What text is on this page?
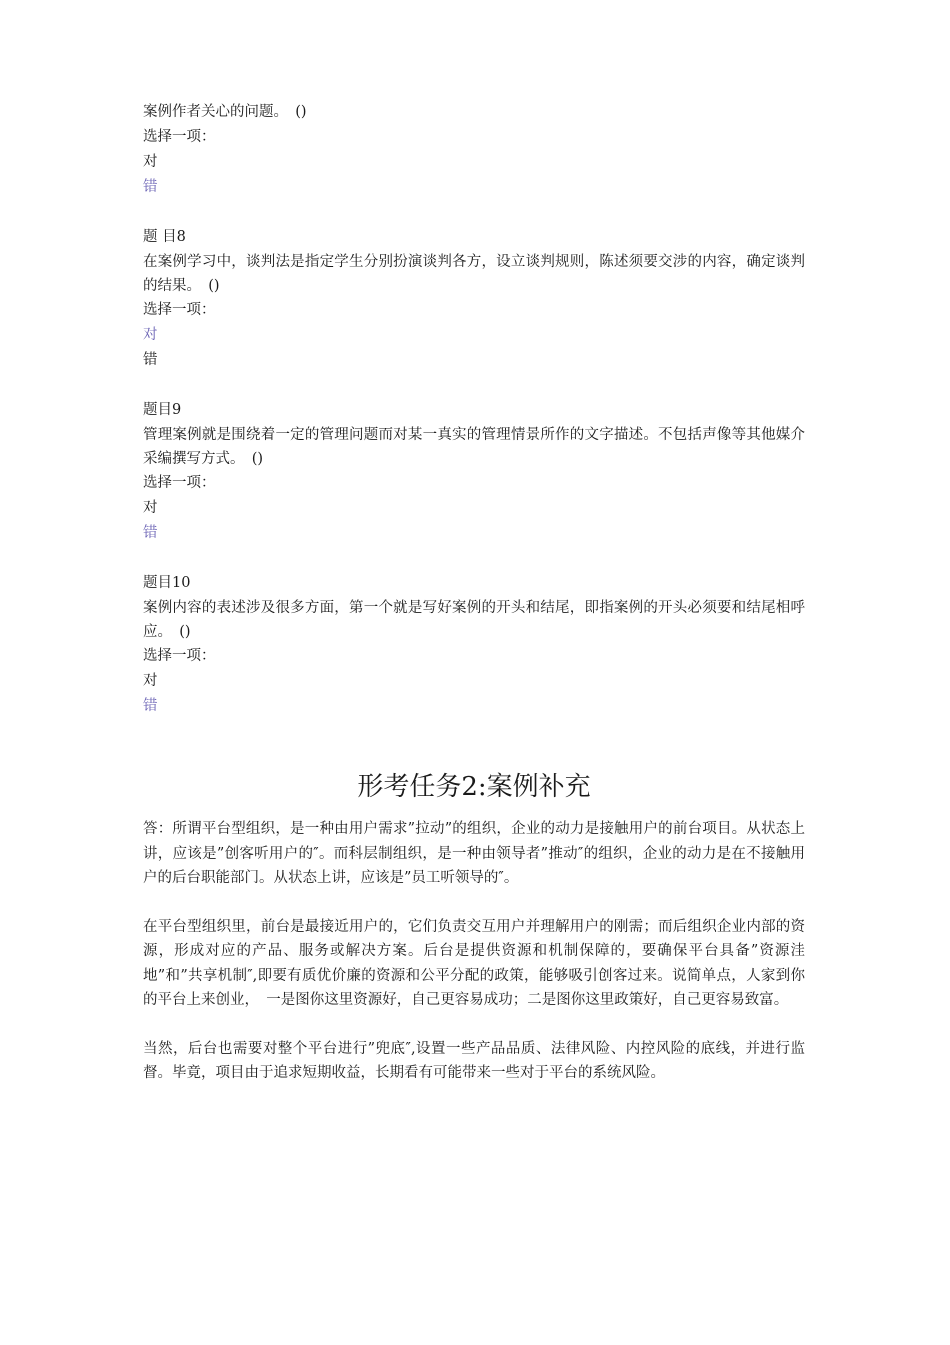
案例作者关心的问题。　()
选择一项：
对
错
题 目8
在案例学习中，谈判法是指定学生分别扮演谈判各方，设立谈判规则，陈述须要交涉的内容，确定谈判的结果。　()
选择一项：
对
错
题目9
管理案例就是围绕着一定的管理问题而对某一真实的管理情景所作的文字描述。不包括声像等其他媒介采编撰写方式。　()
选择一项：
对
错
题目10
案例内容的表述涉及很多方面，第一个就是写好案例的开头和结尾，即指案例的开头必须要和结尾相呼应。　()
选择一项：
对
错
形考任务2:案例补充

答：所谓平台型组织，是一种由用户需求”拉动”的组织，企业的动力是接触用户的前台项目。从状态上讲，应该是”创客听用户的″。而科层制组织，是一种由领导者”推动″的组织，企业的动力是在不接触用户的后台职能部门。从状态上讲，应该是”员工听领导的″。

在平台型组织里，前台是最接近用户的，它们负责交互用户并理解用户的刚需；而后组织企业内部的资源，形成对应的产品、服务或解决方案。后台是提供资源和机制保障的，要确保平台具备”资源洼地”和”共享机制″,即要有质优价廉的资源和公平分配的政策，能够吸引创客过来。说简单点，人家到你的平台上来创业，　一是图你这里资源好，自己更容易成功；二是图你这里政策好，自己更容易致富。

当然，后台也需要对整个平台进行”兜底″,设置一些产品品质、法律风险、内控风险的底线，并进行监督。毕竟，项目由于追求短期收益，长期看有可能带来一些对于平台的系统风险。
